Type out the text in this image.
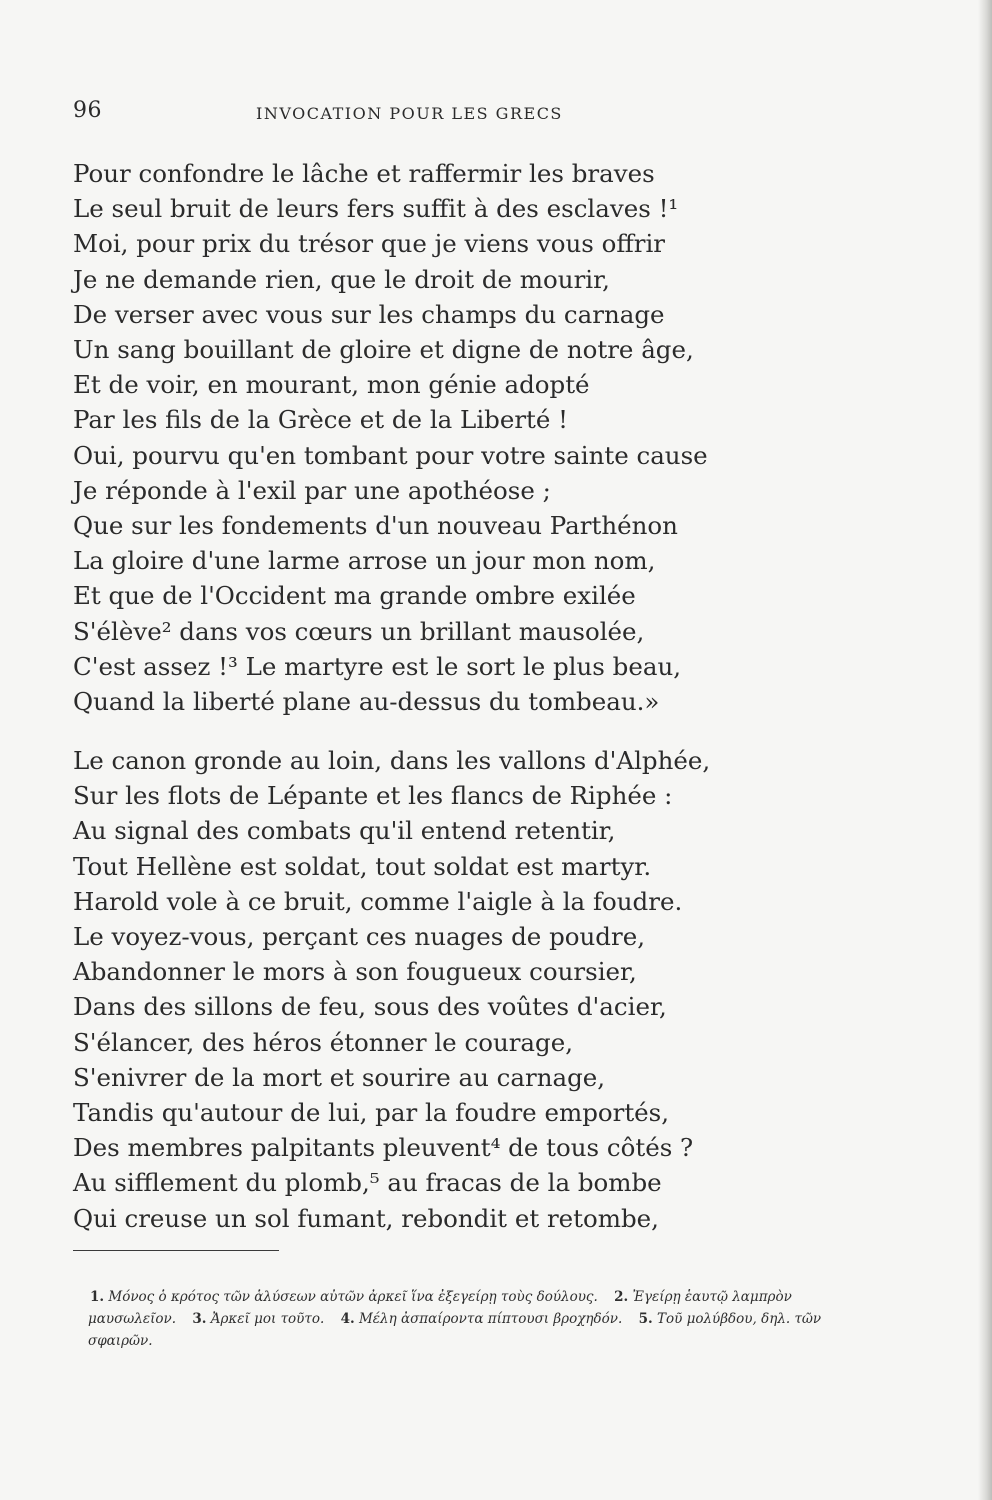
96	INVOCATION POUR LES GRECS
Pour confondre le lâche et raffermir les braves
Le seul bruit de leurs fers suffit à des esclaves !¹
Moi, pour prix du trésor que je viens vous offrir
Je ne demande rien, que le droit de mourir,
De verser avec vous sur les champs du carnage
Un sang bouillant de gloire et digne de notre âge,
Et de voir, en mourant, mon génie adopté
Par les fils de la Grèce et de la Liberté !
Oui, pourvu qu'en tombant pour votre sainte cause
Je réponde à l'exil par une apothéose ;
Que sur les fondements d'un nouveau Parthénon
La gloire d'une larme arrose un jour mon nom,
Et que de l'Occident ma grande ombre exilée
S'élève² dans vos cœurs un brillant mausolée,
C'est assez !³ Le martyre est le sort le plus beau,
Quand la liberté plane au-dessus du tombeau.»
Le canon gronde au loin, dans les vallons d'Alphée,
Sur les flots de Lépante et les flancs de Riphée :
Au signal des combats qu'il entend retentir,
Tout Hellène est soldat, tout soldat est martyr.
Harold vole à ce bruit, comme l'aigle à la foudre.
Le voyez-vous, perçant ces nuages de poudre,
Abandonner le mors à son fougueux coursier,
Dans des sillons de feu, sous des voûtes d'acier,
S'élancer, des héros étonner le courage,
S'enivrer de la mort et sourire au carnage,
Tandis qu'autour de lui, par la foudre emportés,
Des membres palpitants pleuvent⁴ de tous côtés ?
Au sifflement du plomb,⁵ au fracas de la bombe
Qui creuse un sol fumant, rebondit et retombe,
1. Μόνος ὁ κρότος τῶν ἁλύσεων αὐτῶν ἀρκεῖ ἵνα ἐξεγείρῃ τοὺς δούλους. 2. Ἐγείρῃ ἑαυτῷ λαμπρὸν μαυσωλεῖον. 3. Ἀρκεῖ μοι τοῦτο. 4. Μέλη ἀσπαίροντα πίπτουσι βροχηδόν. 5. Τοῦ μολύβδου, δηλ. τῶν σφαιρῶν.
